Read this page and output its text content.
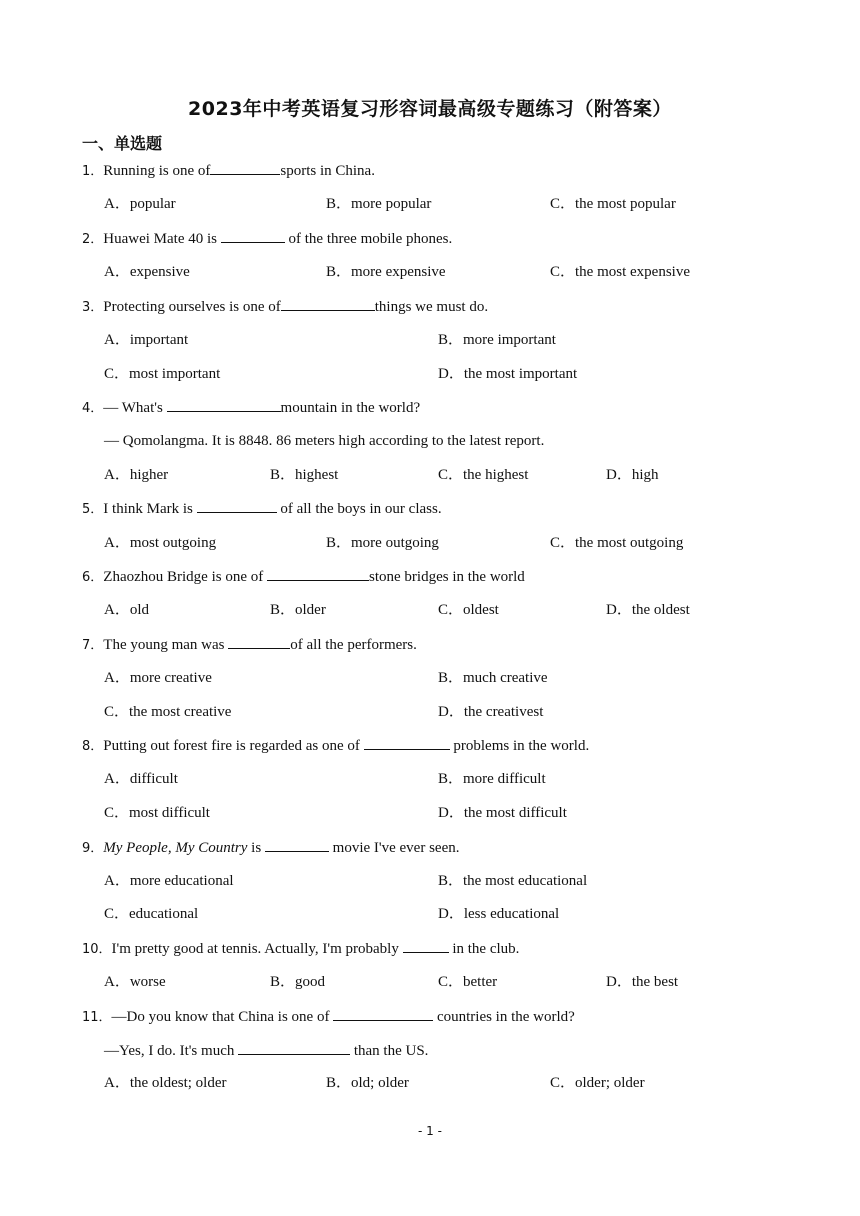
2023年中考英语复习形容词最高级专题练习（附答案）
一、单选题
1．Running is one of	sports in China.
A．popular	B．more popular	C．the most popular
2．Huawei Mate 40 is	of the three mobile phones.
A．expensive	B．more expensive	C．the most expensive
3．Protecting ourselves is one of	things we must do.
A．important	B．more important
C．most important	D．the most important
4．— What's	mountain in the world?
— Qomolangma. It is 8848. 86 meters high according to the latest report.
A．higher	B．highest	C．the highest	D．high
5．I think Mark is	of all the boys in our class.
A．most outgoing	B．more outgoing	C．the most outgoing
6．Zhaozhou Bridge is one of	stone bridges in the world
A．old	B．older	C．oldest	D．the oldest
7．The young man was	of all the performers.
A．more creative	B．much creative
C．the most creative	D．the creativest
8．Putting out forest fire is regarded as one of	problems in the world.
A．difficult	B．more difficult
C．most difficult	D．the most difficult
9．My People, My Country is	movie I've ever seen.
A．more educational	B．the most educational
C．educational	D．less educational
10．I'm pretty good at tennis. Actually, I'm probably	in the club.
A．worse	B．good	C．better	D．the best
11．—Do you know that China is one of	countries in the world?
—Yes, I do. It's much	than the US.
A．the oldest; older	B．old; older	C．older; older
- 1 -
